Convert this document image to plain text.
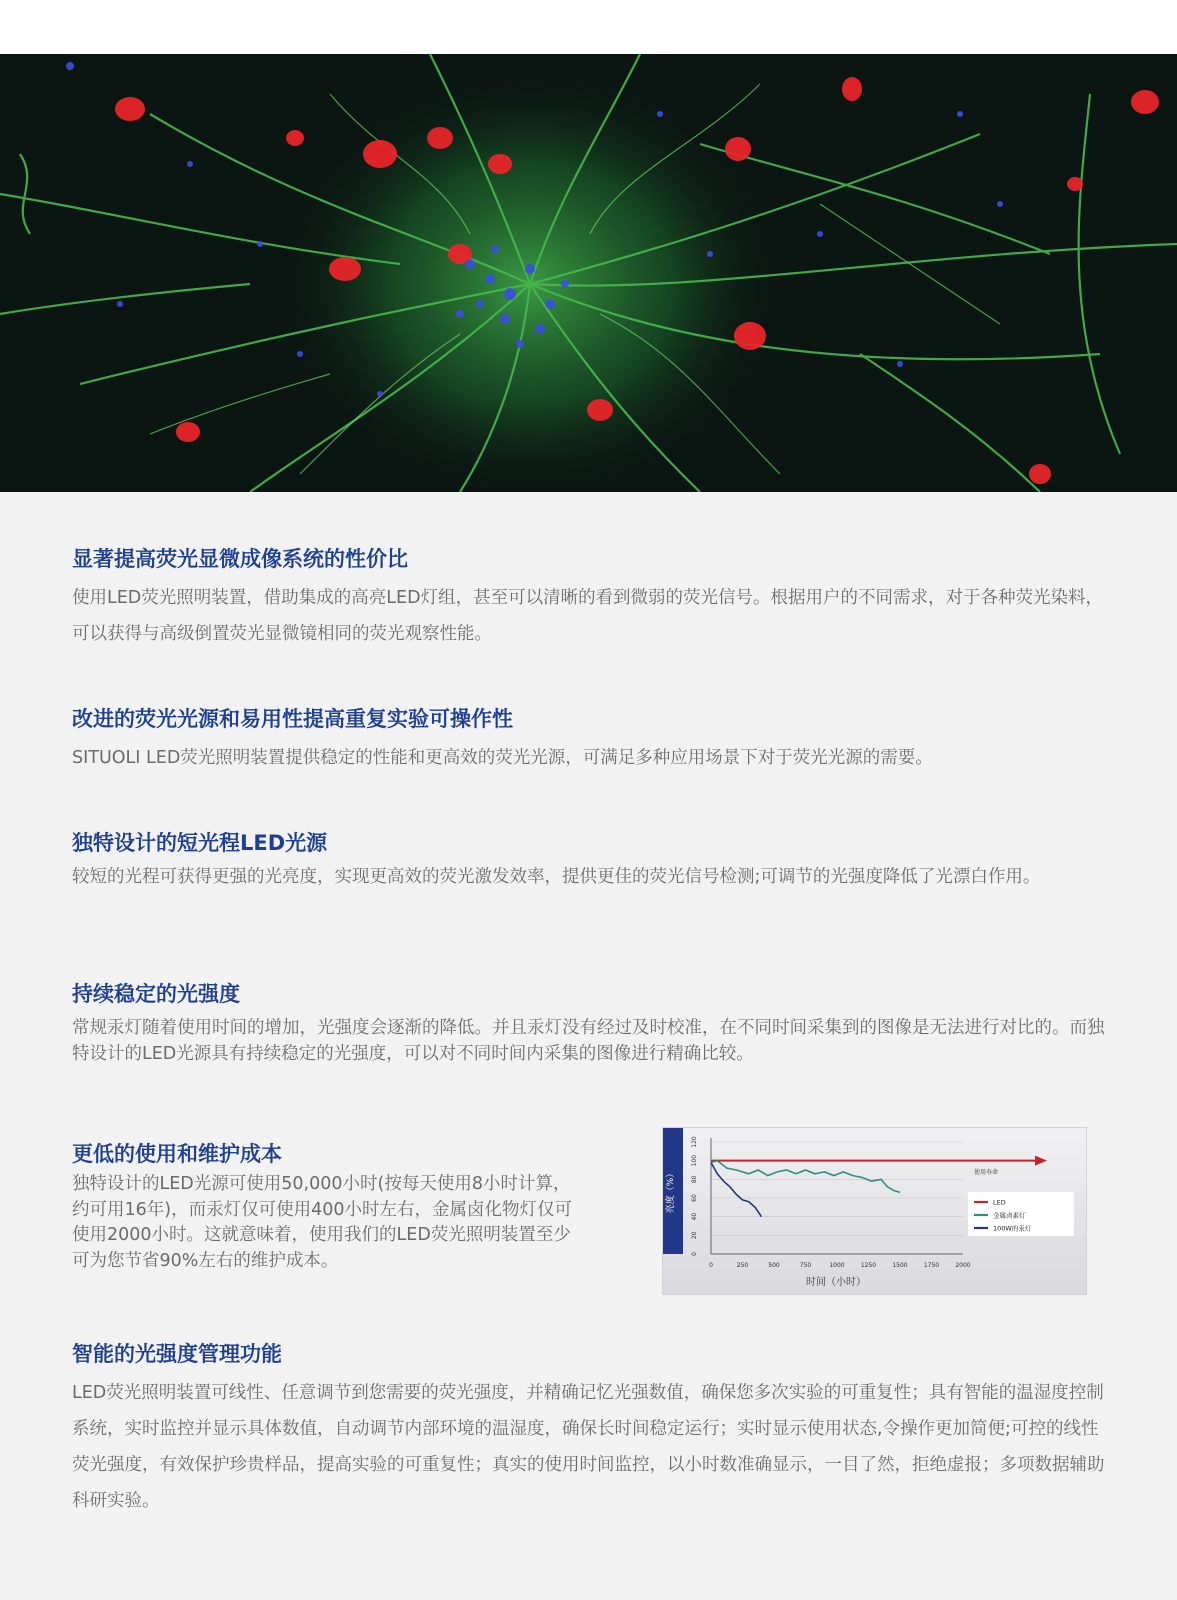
显著提高荧光显微成像系统的性价比

使用LED荧光照明装置，借助集成的高亮LED灯组，甚至可以清晰的看到微弱的荧光信号。根据用户的不同需求，对于各种荧光染料，可以获得与高级倒置荧光显微镜相同的荧光观察性能。

改进的荧光光源和易用性提高重复实验可操作性

SITUOLI LED荧光照明装置提供稳定的性能和更高效的荧光光源，可满足多种应用场景下对于荧光光源的需要。

独特设计的短光程LED光源

较短的光程可获得更强的光亮度，实现更高效的荧光激发效率，提供更佳的荧光信号检测;可调节的光强度降低了光漂白作用。

持续稳定的光强度

常规汞灯随着使用时间的增加，光强度会逐渐的降低。并且汞灯没有经过及时校准，在不同时间采集到的图像是无法进行对比的。而独特设计的LED光源具有持续稳定的光强度，可以对不同时间内采集的图像进行精确比较。

更低的使用和维护成本

独特设计的LED光源可使用50,000小时(按每天使用8小时计算，约可用16年)，而汞灯仅可使用400小时左右，金属卤化物灯仅可使用2000小时。这就意味着，使用我们的LED荧光照明装置至少可为您节省90%左右的维护成本。

亮度（%）
0
20
40
60
80
100
120
0	250	500	750	1000	1250	1500	1750	2000
LED
金属卤素灯
100W的汞灯
时间（小时）
使用寿命
智能的光强度管理功能

LED荧光照明装置可线性、任意调节到您需要的荧光强度，并精确记忆光强数值，确保您多次实验的可重复性；具有智能的温湿度控制系统，实时监控并显示具体数值，自动调节内部环境的温湿度，确保长时间稳定运行；实时显示使用状态,令操作更加简便;可控的线性荧光强度，有效保护珍贵样品，提高实验的可重复性；真实的使用时间监控，以小时数准确显示，一目了然，拒绝虚报；多项数据辅助科研实验。
